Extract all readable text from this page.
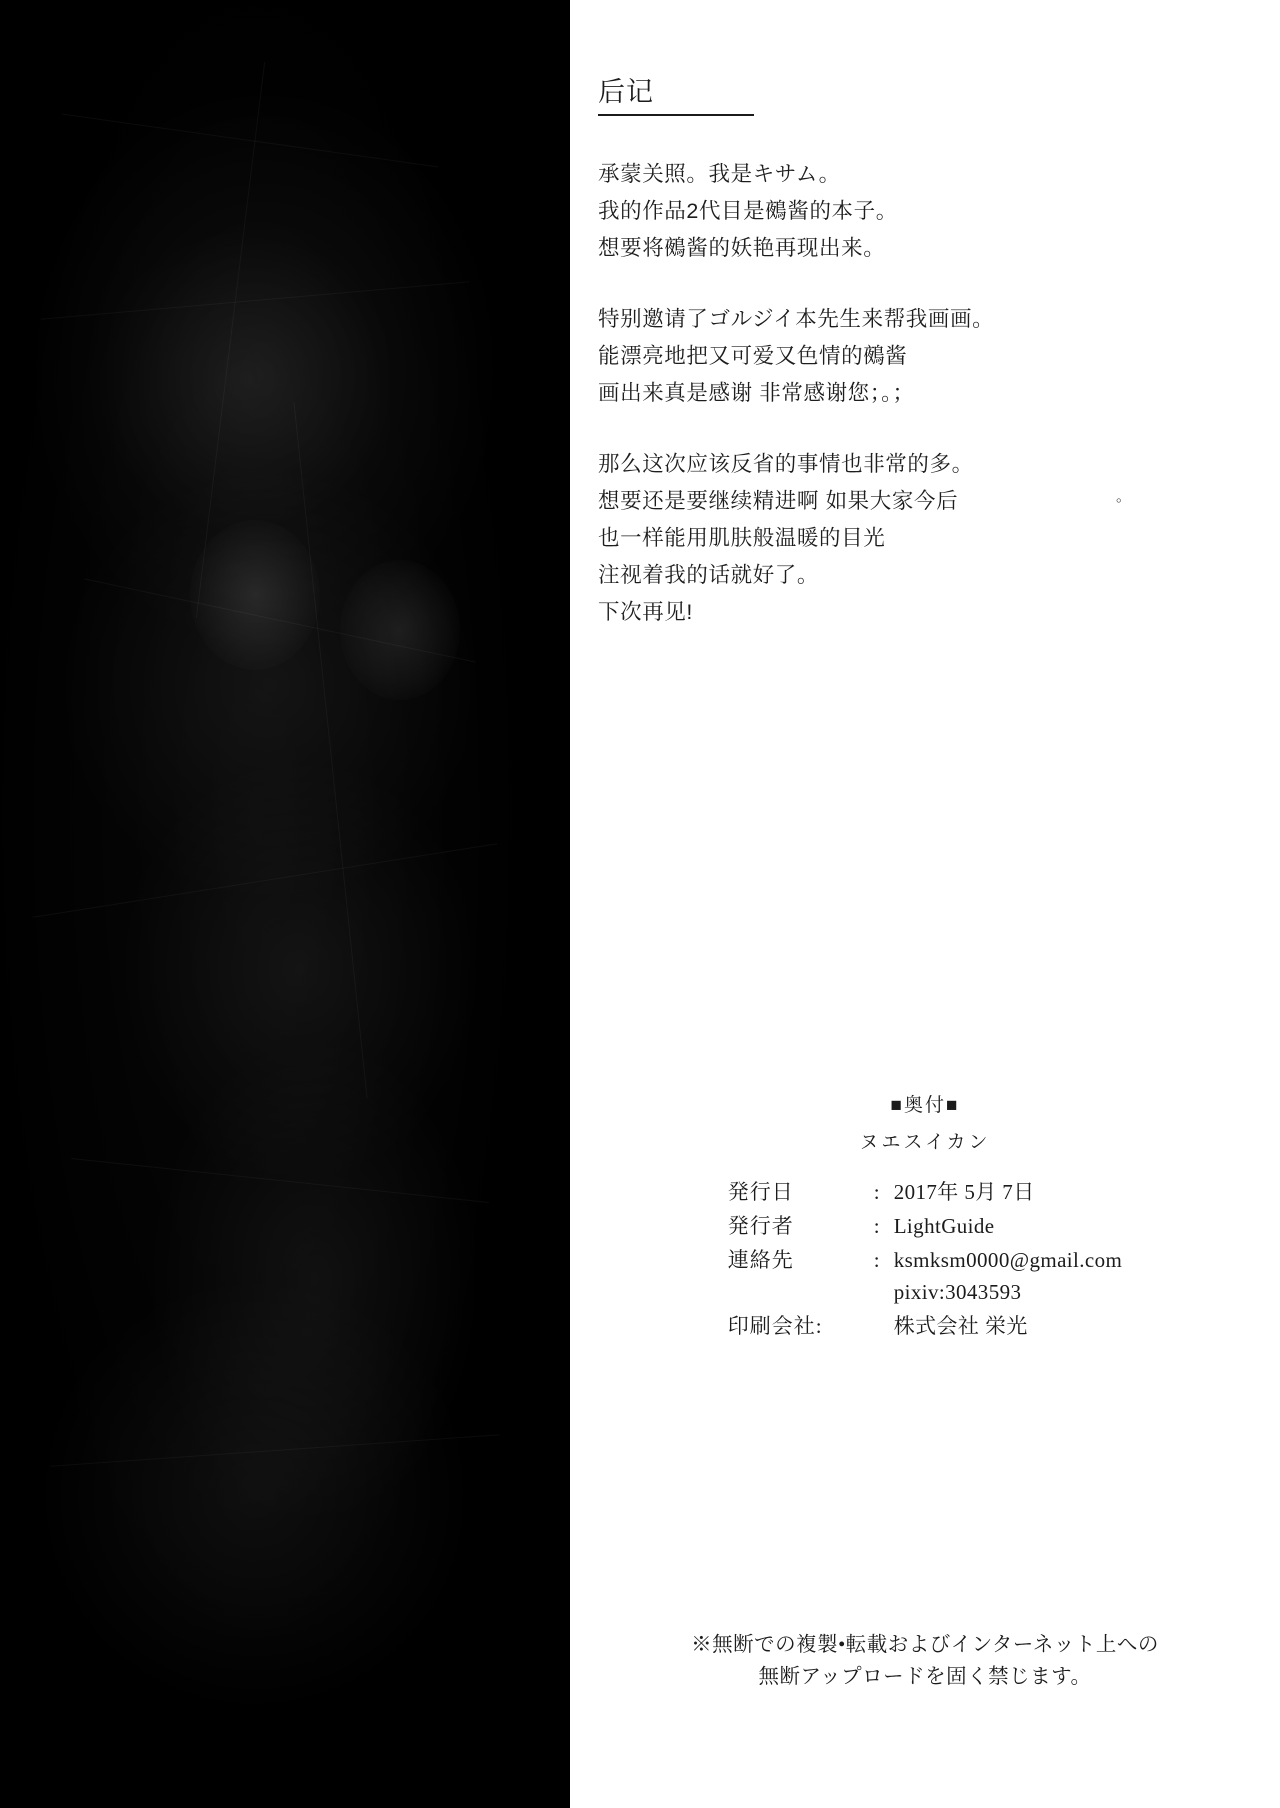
后记

承蒙关照。我是キサム。
我的作品2代目是鵺酱的本子。
想要将鵺酱的妖艳再现出来。

特别邀请了ゴルジイ本先生来帮我画画。
能漂亮地把又可爱又色情的鵺酱
画出来真是感谢 非常感谢您；。；

那么这次应该反省的事情也非常的多。
想要还是要继续精进啊 如果大家今后
也一样能用肌肤般温暖的目光
注视着我的话就好了。
下次再见!

。
■奥付■
ヌエスイカン
発行日	:	2017年 5月 7日
発行者	:	LightGuide
連絡先	:	ksmksm0000@gmail.com
pixiv:3043593

印刷会社:		株式会社 栄光
※無断での複製•転載およびインターネット上への
無断アップロードを固く禁じます。
